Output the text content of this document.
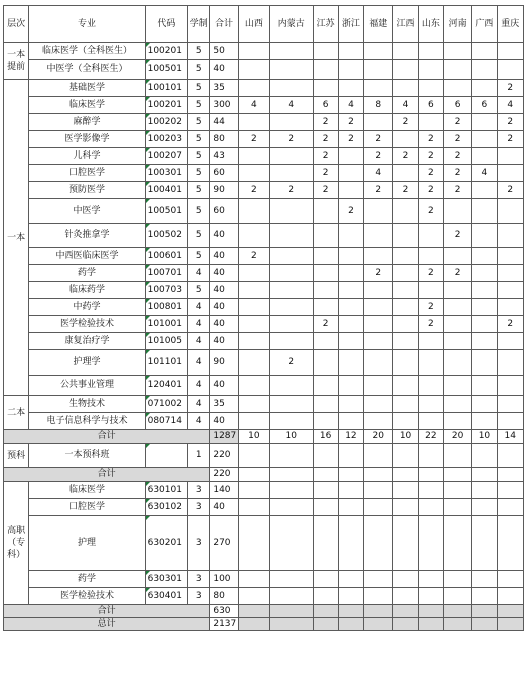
层次	专业	代码	学制	合计	山西	内蒙古	江苏	浙江	福建	江西	山东	河南	广西	重庆
一本提前	临床医学（全科医生）	100201	5	50										
	中医学（全科医生）	100501	5	40										
一本	基础医学	100101	5	35										2
	临床医学	100201	5	300	4	4	6	4	8	4	6	6	6	4
	麻醉学	100202	5	44			2	2		2		2		2
	医学影像学	100203	5	80	2	2	2	2	2		2	2		2
	儿科学	100207	5	43			2		2	2	2	2		
	口腔医学	100301	5	60			2		4		2	2	4	
	预防医学	100401	5	90	2	2	2		2	2	2	2		2
	中医学	100501	5	60				2			2			
	针灸推拿学	100502	5	40								2		
	中西医临床医学	100601	5	40	2									
	药学	100701	4	40					2		2	2		
	临床药学	100703	5	40										
	中药学	100801	4	40							2			
	医学检验技术	101001	4	40			2				2			2
	康复治疗学	101005	4	40										
	护理学	101101	4	90		2								
	公共事业管理	120401	4	40										
二本	生物技术	071002	4	35										
	电子信息科学与技术	080714	4	40										
合计				1287	10	10	16	12	20	10	22	20	10	14
预科	一本预科班		1	220										
合计				220										
高职（专科）	临床医学	630101	3	140										
	口腔医学	630102	3	40										
	护理	630201	3	270										
	药学	630301	3	100										
	医学检验技术	630401	3	80										
合计				630										
总计				2137										
